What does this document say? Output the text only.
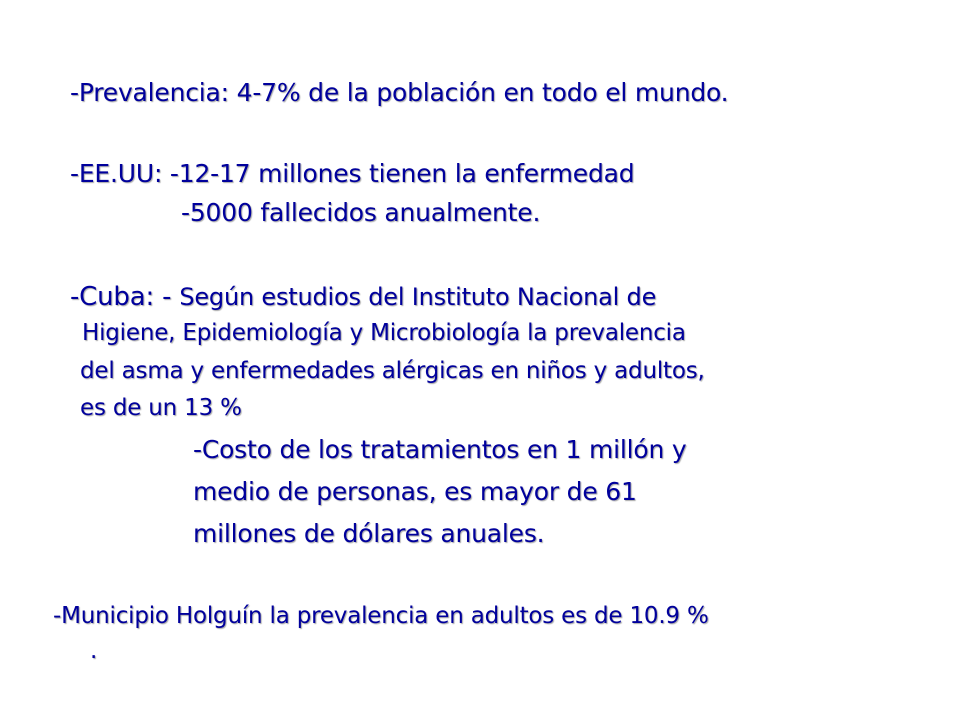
-Prevalencia: 4-7% de la población en todo el mundo.
-EE.UU: -12-17 millones tienen la enfermedad
-5000 fallecidos anualmente.
-Cuba: - Según estudios del Instituto Nacional de
Higiene, Epidemiología y Microbiología la prevalencia
del asma y enfermedades alérgicas en niños y adultos,
es de un 13 %
-Costo de los tratamientos en 1 millón y
medio de personas, es mayor de 61
millones de dólares anuales.
-Municipio Holguín la prevalencia en adultos es de 10.9 %
.
